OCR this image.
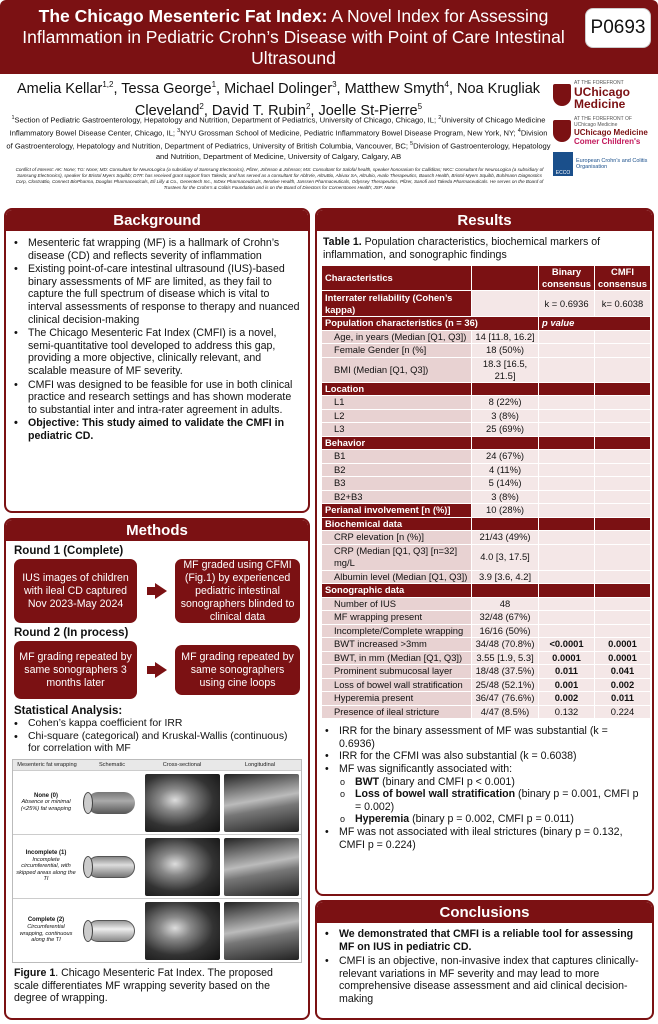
The Chicago Mesenteric Fat Index: A Novel Index for Assessing Inflammation in Pediatric Crohn’s Disease with Point of Care Intestinal Ultrasound
P0693
Amelia Kellar$^{1,2}$, Tessa George$^1$, Michael Dolinger$^3$, Matthew Smyth$^4$, Noa Krugliak Cleveland$^2$, David T. Rubin$^2$, Joelle St-Pierre$^5$
$^1$Section of Pediatric Gastroenterology, Hepatology and Nutrition, Department of Pediatrics, University of Chicago, Chicago, IL; $^2$University of Chicago Medicine Inflammatory Bowel Disease Center, Chicago, IL; $^3$NYU Grossman School of Medicine, Pediatric Inflammatory Bowel Disease Program, New York, NY; $^4$Division of Gastroenterology, Hepatology and Nutrition, Department of Pediatrics, University of British Columbia, Vancouver, BC; $^5$Division of Gastroenterology, Hepatology and Nutrition, Department of Medicine, University of Calgary, Calgary, AB
Conflict of Interest: AK: None; TG: None; MD: Consultant for NeuroLogica (a subsidiary of Samsung Electronics), Pfizer, Johnson & Johnson; MS: Consultant for Salofal health, speaker honorarium for Calliditas; NKC: Consultant for NeuroLogica (a subsidiary of Samsung Electronics), speaker for Bristol Myers Squibb; DTR: has received grant support from Takeda; and has served as a consultant for AbbVie, AltruBio, Abivax SA, Altrubio, Avalo Therapeutics, Bausch Health, Bristol-Myers Squibb, Buhlmann Diagnostics Corp, ClostraBio, Connect BioPharma, Douglas Pharmaceuticals, Eli Lilly & Co., Genentech Inc., InDex Pharmaceuticals, Iterative Health, Janssen Pharmaceuticals, Odyssey Therapeutics, Pfizer, Sanofi and Takeda Pharmaceuticals. He serves on the Board of Trustees for the Crohn’s & Colitis Foundation and is on the Board of Directors for Cornerstones Health; JSP: None
AT THE FOREFRONT
UChicago
Medicine
AT THE FOREFRONT OF UChicago Medicine
UChicago Medicine
Comer Children's
ECCO
European Crohn's and Colitis Organisation
Background
• Mesenteric fat wrapping (MF) is a hallmark of Crohn’s disease (CD) and reflects severity of inflammation
• Existing point-of-care intestinal ultrasound (IUS)-based binary assessments of MF are limited, as they fail to capture the full spectrum of disease which is vital to interval assessments of response to therapy and nuanced clinical decision-making
• The Chicago Mesenteric Fat Index (CMFI) is a novel, semi-quantitative tool developed to address this gap, providing a more objective, clinically relevant, and scalable measure of MF severity.
• CMFI was designed to be feasible for use in both clinical practice and research settings and has shown moderate to substantial inter and intra-rater agreement in adults.
• Objective: This study aimed to validate the CMFI in pediatric CD.
Methods
Round 1 (Complete)
IUS images of children with ileal CD captured Nov 2023-May 2024
MF graded using CFMI (Fig.1) by experienced pediatric intestinal sonographers blinded to clinical data
Round 2 (In process)
MF grading repeated by same sonographers 3 months later
MF grading repeated by same sonographers using cine loops
Statistical Analysis:
• Cohen’s kappa coefficient for IRR
• Chi-square (categorical) and Kruskal-Wallis (continuous) for correlation with MF
Mesenteric fat wrapping	Schematic	Cross-sectional	Longitudinal
None (0)
Absence or minimal (<25%) fat wrapping
Incomplete (1)
Incomplete circumferential, with skipped areas along the TI
Complete (2)
Circumferential wrapping, continuous along the TI
Figure 1. Chicago Mesenteric Fat Index. The proposed scale differentiates MF wrapping severity based on the degree of wrapping.
Results
Table 1. Population characteristics, biochemical markers of inflammation, and sonographic findings
Characteristics		Binary consensus	CMFI consensus
Interrater reliability (Cohen’s kappa)		k = 0.6936	k= 0.6038
Population characteristics (n = 36)		p value	
Age, in years (Median [Q1, Q3])	14 [11.8, 16.2]		
Female Gender [n (%]	18 (50%)		
BMI (Median [Q1, Q3])	18.3 [16.5, 21.5]		
Location			
L1	8 (22%)		
L2	3 (8%)		
L3	25 (69%)		
Behavior			
B1	24 (67%)		
B2	4 (11%)		
B3	5 (14%)		
B2+B3	3 (8%)		
Perianal involvement [n (%)]	10 (28%)		
Biochemical data			
CRP elevation [n (%)]	21/43 (49%)		
CRP (Median [Q1, Q3] [n=32] mg/L	4.0 [3, 17.5]		
Albumin level (Median [Q1, Q3])	3.9 [3.6, 4.2]		
Sonographic data			
Number of IUS	48		
MF wrapping present	32/48 (67%)		
Incomplete/Complete wrapping	16/16 (50%)		
BWT increased >3mm	34/48 (70.8%)	<0.0001	0.0001
BWT, in mm (Median [Q1, Q3])	3.55 [1.9, 5.3]	0.0001	0.0001
Prominent submucosal layer	18/48 (37.5%)	0.011	0.041
Loss of bowel wall stratification	25/48 (52.1%)	0.001	0.002
Hyperemia present	36/47 (76.6%)	0.002	0.011
Presence of ileal stricture	4/47 (8.5%)	0.132	0.224
• IRR for the binary assessment of MF was substantial (k = 0.6936)
• IRR for the CFMI was also substantial (k = 0.6038)
• MF was significantly associated with:
o BWT (binary and CMFI p < 0.001)
o Loss of bowel wall stratification (binary p = 0.001, CMFI p = 0.002)
o Hyperemia (binary p = 0.002, CMFI p = 0.011)
• MF was not associated with ileal strictures (binary p = 0.132, CMFI p = 0.224)
Conclusions
• We demonstrated that CMFI is a reliable tool for assessing MF on IUS in pediatric CD.
• CMFI is an objective, non-invasive index that captures clinically-relevant variations in MF severity and may lead to more comprehensive disease assessment and aid clinical decision-making
